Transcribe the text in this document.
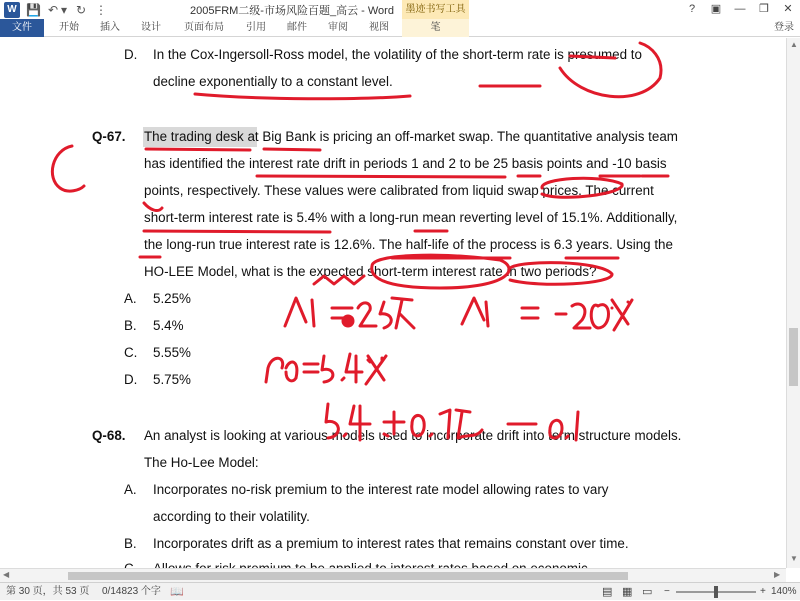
W 💾 ↶ ▾ ↻ ⋮	2005FRM二级-市场风险百题_高云 - Word	墨迹书写工具	?	▣	—	❐	✕
文件	开始	插入	设计	页面布局	引用	邮件	审阅	视图	笔	登录
D. In the Cox-Ingersoll-Ross model, the volatility of the short-term rate is presumed to
decline exponentially to a constant level.
Q-67. The trading desk at Big Bank is pricing an off-market swap. The quantitative analysis team
has identified the interest rate drift in periods 1 and 2 to be 25 basis points and -10 basis
points, respectively. These values were calibrated from liquid swap prices. The current
short-term interest rate is 5.4% with a long-run mean reverting level of 15.1%. Additionally,
the long-run true interest rate is 12.6%. The half-life of the process is 6.3 years. Using the
HO-LEE Model, what is the expected short-term interest rate in two periods?
A. 5.25%
B. 5.4%
C. 5.55%
D. 5.75%
Q-68. An analyst is looking at various models used to incorporate drift into term structure models.
The Ho-Lee Model:
A. Incorporates no-risk premium to the interest rate model allowing rates to vary
according to their volatility.
B. Incorporates drift as a premium to interest rates that remains constant over time.
▲
▼
◀	▶
第 30 页，共 53 页 0/14823 个字 📖	▤ ▦ ▭ −	+ 140%
